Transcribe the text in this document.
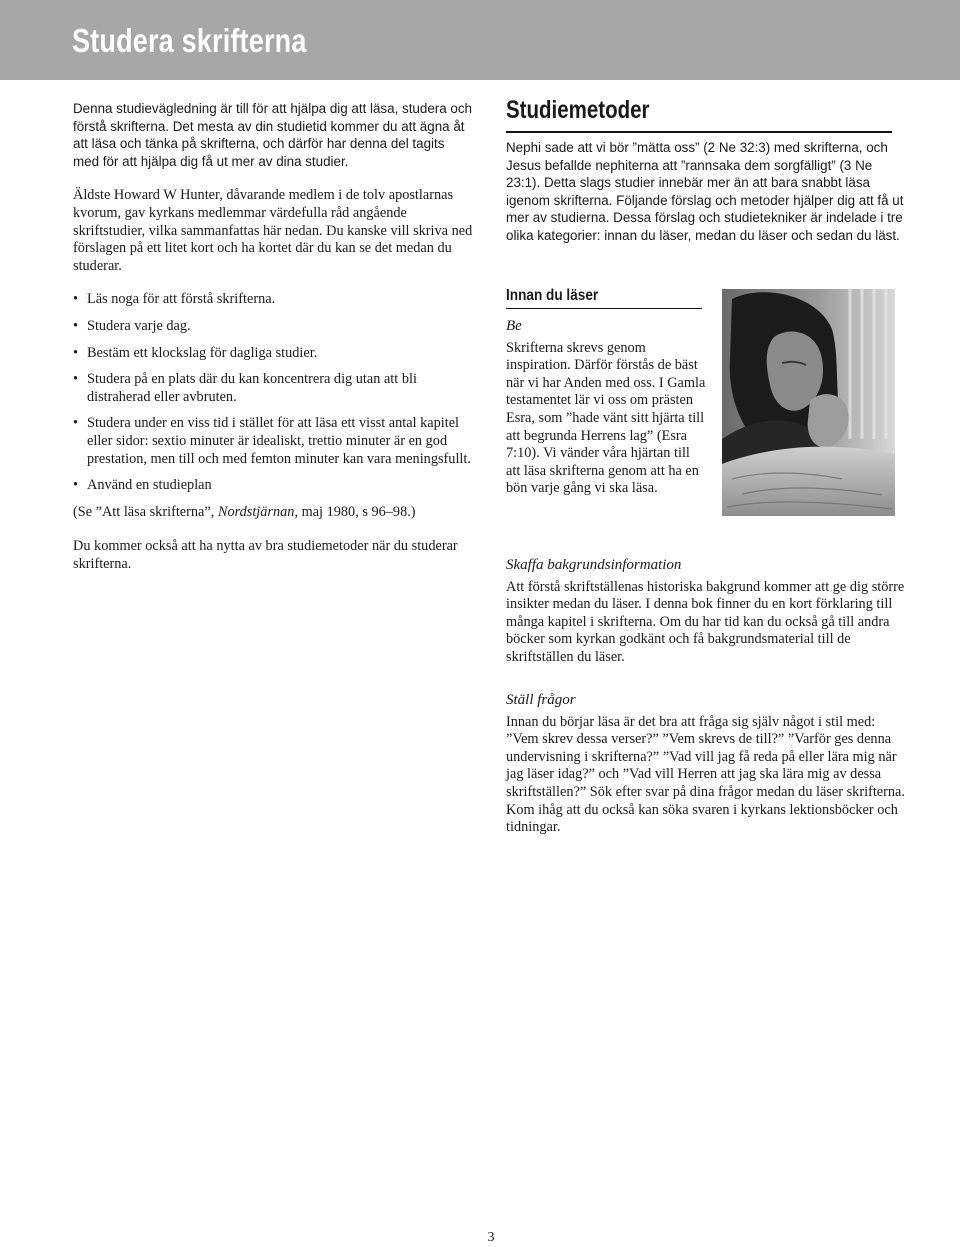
Studera skrifterna

Denna studievägledning är till för att hjälpa dig att läsa, studera och förstå skrifterna. Det mesta av din studietid kommer du att ägna åt att läsa och tänka på skrifterna, och därför har denna del tagits med för att hjälpa dig få ut mer av dina studier.

Äldste Howard W Hunter, dåvarande medlem i de tolv apostlarnas kvorum, gav kyrkans medlemmar värdefulla råd angående skriftstudier, vilka sammanfattas här nedan. Du kanske vill skriva ned förslagen på ett litet kort och ha kortet där du kan se det medan du studerar.

• Läs noga för att förstå skrifterna.
• Studera varje dag.
• Bestäm ett klockslag för dagliga studier.
• Studera på en plats där du kan koncentrera dig utan att bli distraherad eller avbruten.
• Studera under en viss tid i stället för att läsa ett visst antal kapitel eller sidor: sextio minuter är idealiskt, trettio minuter är en god prestation, men till och med femton minuter kan vara meningsfullt.
• Använd en studieplan

(Se ”Att läsa skrifterna”, Nordstjärnan, maj 1980, s 96–98.)

Du kommer också att ha nytta av bra studiemetoder när du studerar skrifterna.

Studiemetoder

Nephi sade att vi bör ”mätta oss” (2 Ne 32:3) med skrifterna, och Jesus befallde nephiterna att ”rannsaka dem sorgfälligt” (3 Ne 23:1). Detta slags studier innebär mer än att bara snabbt läsa igenom skrifterna. Följande förslag och metoder hjälper dig att få ut mer av studierna. Dessa förslag och studietekniker är indelade i tre olika kategorier: innan du läser, medan du läser och sedan du läst.

Innan du läser

Be

Skrifterna skrevs genom inspiration. Därför förstås de bäst när vi har Anden med oss. I Gamla testamentet lär vi oss om prästen Esra, som ”hade vänt sitt hjärta till att begrunda Herrens lag” (Esra 7:10). Vi vänder våra hjärtan till att läsa skrifterna genom att ha en bön varje gång vi ska läsa.

Skaffa bakgrundsinformation

Att förstå skriftställenas historiska bakgrund kommer att ge dig större insikter medan du läser. I denna bok finner du en kort förklaring till många kapitel i skrifterna. Om du har tid kan du också gå till andra böcker som kyrkan godkänt och få bakgrundsmaterial till de skriftställen du läser.

Ställ frågor

Innan du börjar läsa är det bra att fråga sig själv något i stil med: ”Vem skrev dessa verser?” ”Vem skrevs de till?” ”Varför ges denna undervisning i skrifterna?” ”Vad vill jag få reda på eller lära mig när jag läser idag?” och ”Vad vill Herren att jag ska lära mig av dessa skriftställen?” Sök efter svar på dina frågor medan du läser skrifterna. Kom ihåg att du också kan söka svaren i kyrkans lektionsböcker och tidningar.

3
